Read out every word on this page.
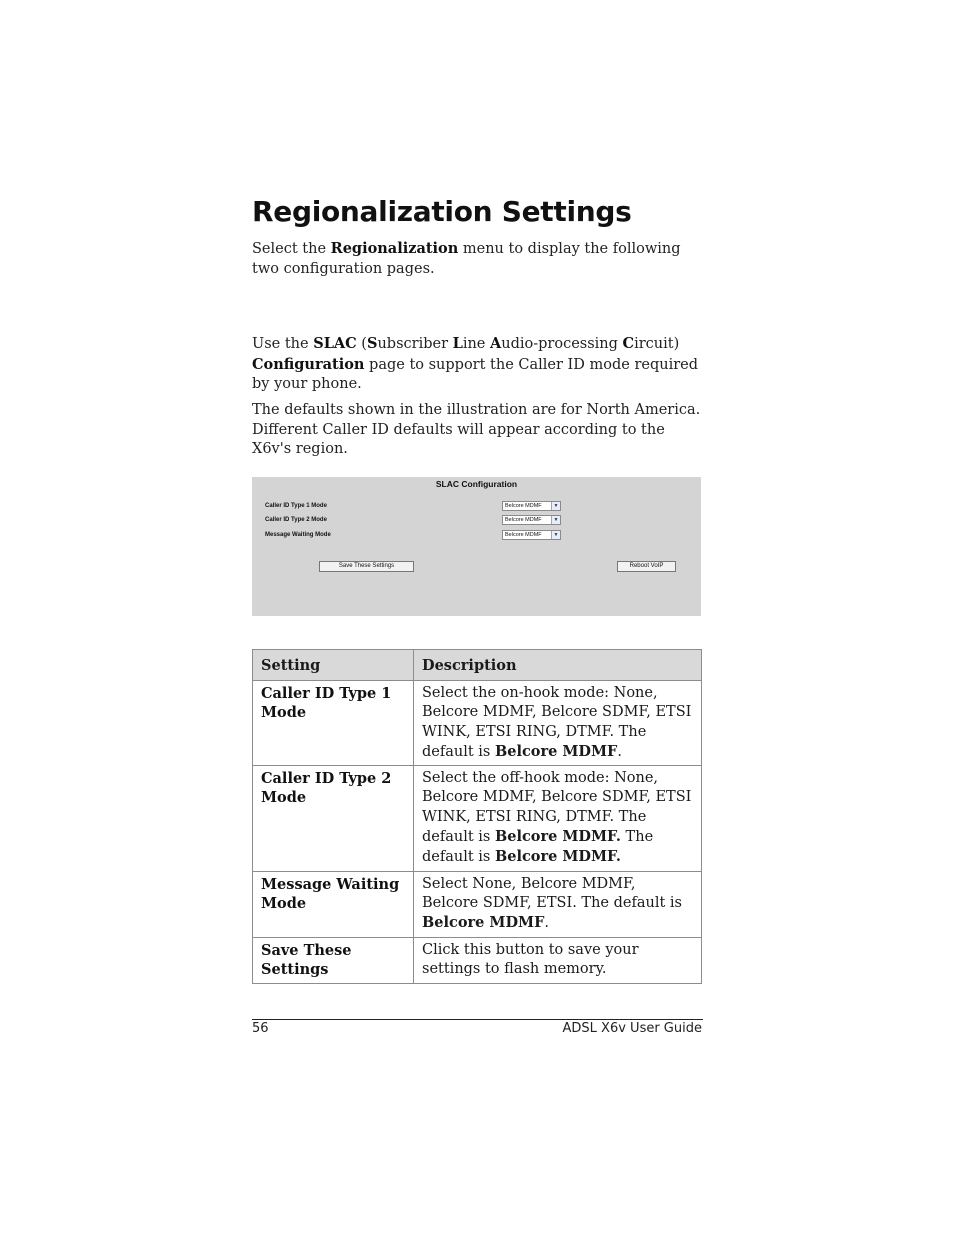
Regionalization Settings

Select the Regionalization menu to display the following two configuration pages.

Use the SLAC (Subscriber Line Audio-processing Circuit) Configuration page to support the Caller ID mode required by your phone.

The defaults shown in the illustration are for North America. Different Caller ID defaults will appear according to the X6v's region.

SLAC Configuration
Caller ID Type 1 Mode	Belcore MDMF	▼
Caller ID Type 2 Mode	Belcore MDMF	▼
Message Waiting Mode	Belcore MDMF	▼
Save These Settings	Reboot VoIP
Setting	Description
Caller ID Type 1 Mode	Select the on-hook mode: None, Belcore MDMF, Belcore SDMF, ETSI WINK, ETSI RING, DTMF. The default is Belcore MDMF.
Caller ID Type 2 Mode	Select the off-hook mode: None, Belcore MDMF, Belcore SDMF, ETSI WINK, ETSI RING, DTMF. The default is Belcore MDMF. The default is Belcore MDMF.
Message Waiting Mode	Select None, Belcore MDMF, Belcore SDMF, ETSI. The default is Belcore MDMF.
Save These Settings	Click this button to save your settings to flash memory.
56	ADSL X6v User Guide
